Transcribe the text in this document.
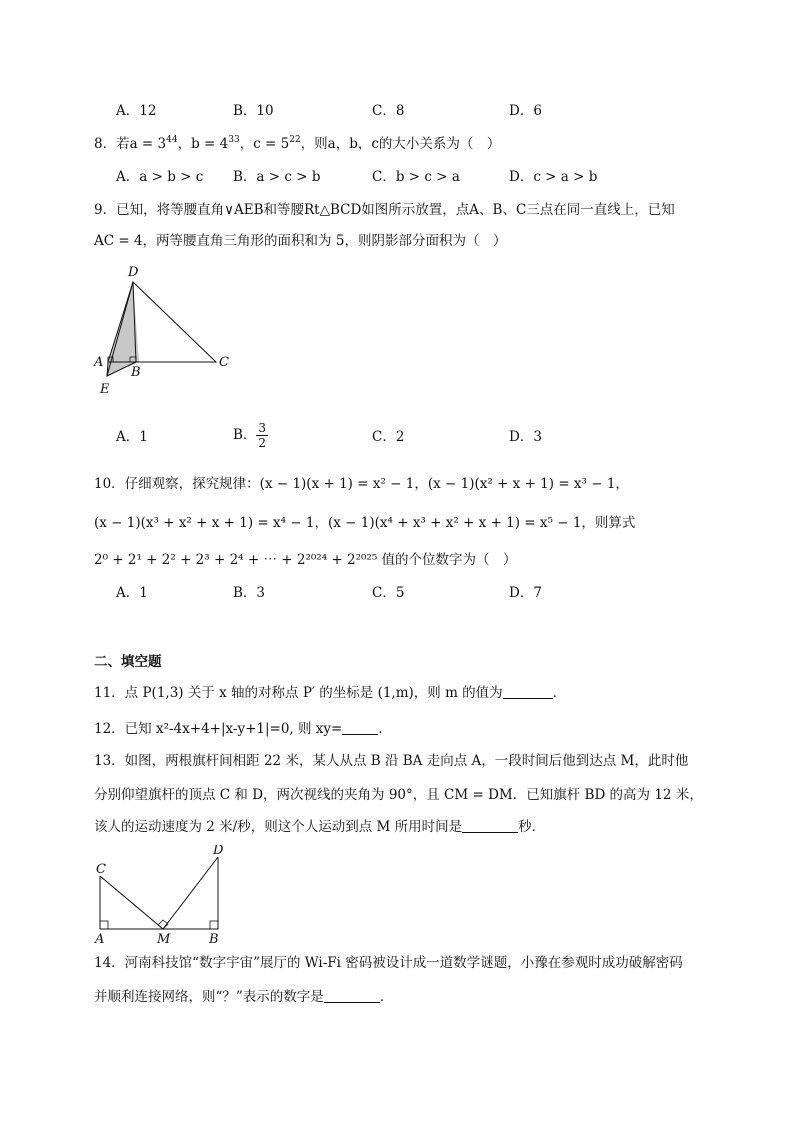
A．12	B．10	C．8	D．6
8．若$a = 3^{44}$，$b = 4^{33}$，$c = 5^{22}$，则a，b，c的大小关系为（　）
A．a > b > c B．a > c > b	C．b > c > a	D．c > a > b
9．已知，将等腰直角∨AEB和等腰Rt△BCD如图所示放置，点A、B、C三点在同一直线上，已知
AC = 4，两等腰直角三角形的面积和为 5，则阴影部分面积为（　）
D
A
B
C
E
A．1	B． $\frac{3}{2}$	C．2	D．3
10．仔细观察，探究规律：(x − 1)(x + 1) = x² − 1，(x − 1)(x² + x + 1) = x³ − 1，
(x − 1)(x³ + x² + x + 1) = x⁴ − 1，(x − 1)(x⁴ + x³ + x² + x + 1) = x⁵ − 1，则算式
2⁰ + 2¹ + 2² + 2³ + 2⁴ + ⋯ + 2²⁰²⁴ + 2²⁰²⁵ 值的个位数字为（　）
A．1	B．3	C．5	D．7
二、填空题
11．点 P(1,3) 关于 x 轴的对称点 P′ 的坐标是 (1,m)，则 m 的值为	．
12．已知 x²-4x+4+|x-y+1|=0, 则 xy=	．
13．如图，两根旗杆间相距 22 米，某人从点 B 沿 BA 走向点 A，一段时间后他到达点 M，此时他
分别仰望旗杆的顶点 C 和 D，两次视线的夹角为 90°，且 CM = DM．已知旗杆 BD 的高为 12 米，
该人的运动速度为 2 米/秒，则这个人运动到点 M 所用时间是	秒．
C
D
A	M	B
14．河南科技馆“数字宇宙”展厅的 Wi-Fi 密码被设计成一道数学谜题，小豫在参观时成功破解密码
并顺利连接网络，则“？”表示的数字是	．
